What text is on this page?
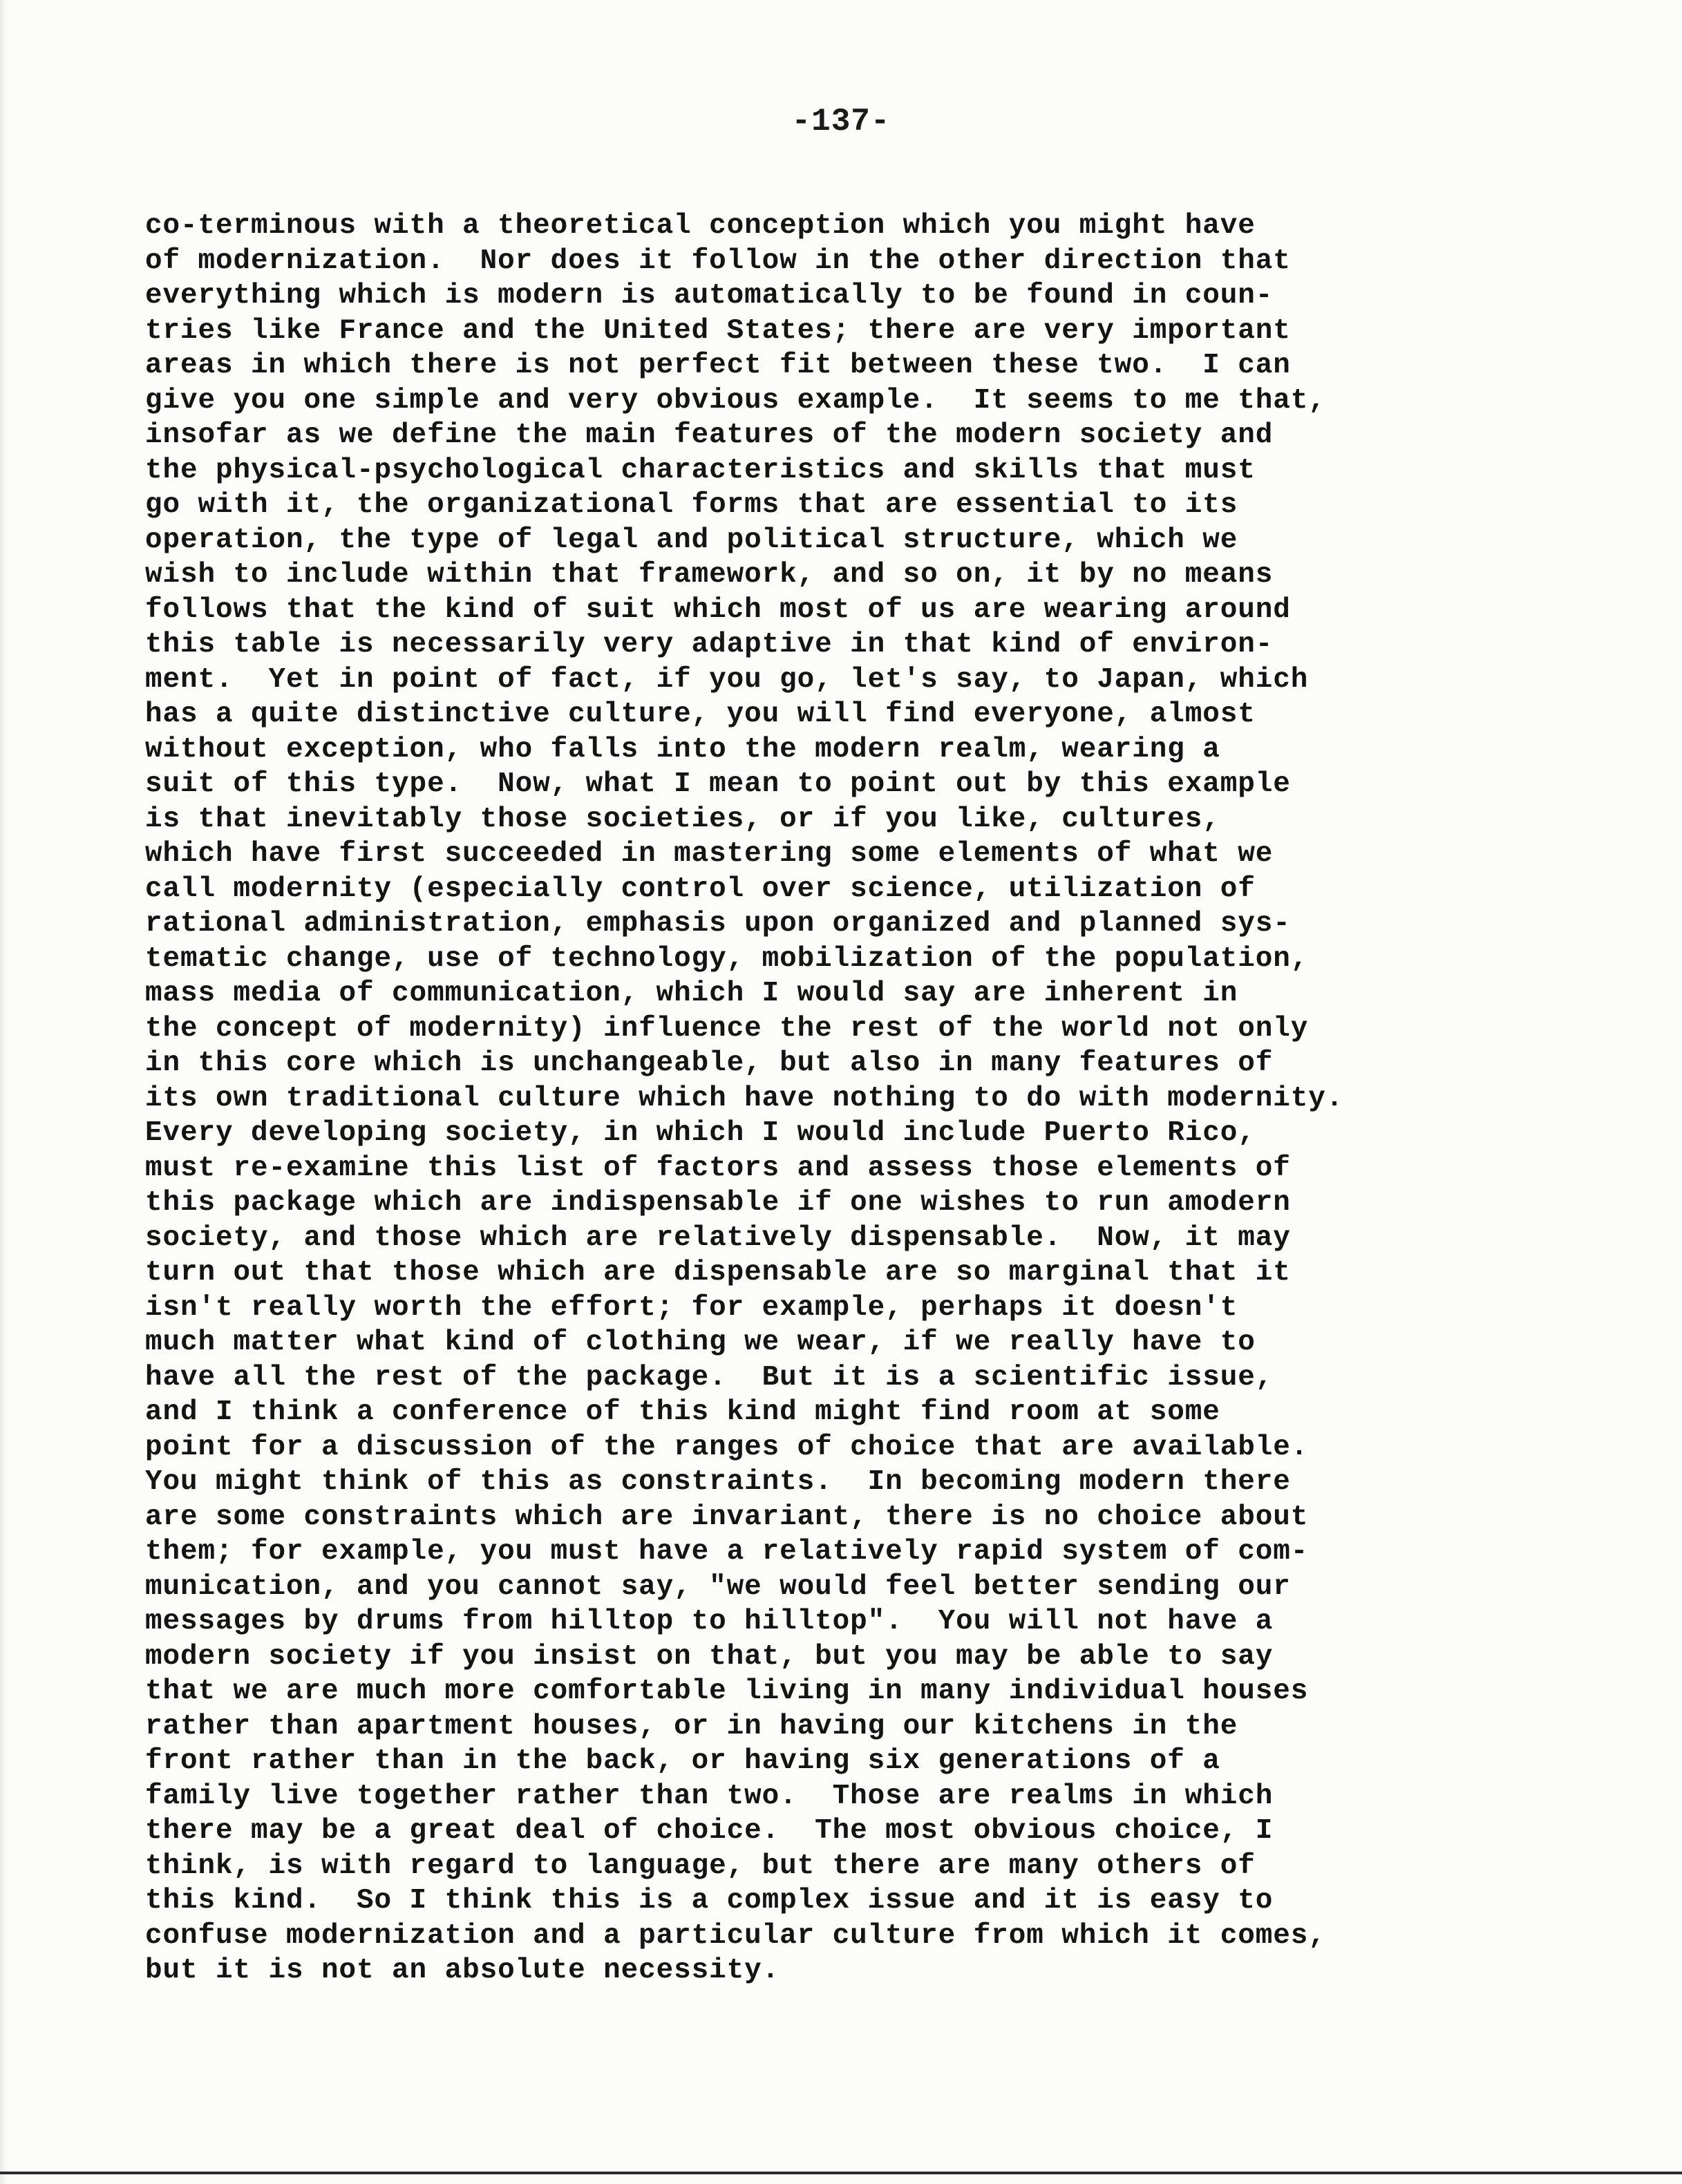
-137-
co-terminous with a theoretical conception which you might have
of modernization.  Nor does it follow in the other direction that
everything which is modern is automatically to be found in coun-
tries like France and the United States; there are very important
areas in which there is not perfect fit between these two.  I can
give you one simple and very obvious example.  It seems to me that,
insofar as we define the main features of the modern society and
the physical-psychological characteristics and skills that must
go with it, the organizational forms that are essential to its
operation, the type of legal and political structure, which we
wish to include within that framework, and so on, it by no means
follows that the kind of suit which most of us are wearing around
this table is necessarily very adaptive in that kind of environ-
ment.  Yet in point of fact, if you go, let's say, to Japan, which
has a quite distinctive culture, you will find everyone, almost
without exception, who falls into the modern realm, wearing a
suit of this type.  Now, what I mean to point out by this example
is that inevitably those societies, or if you like, cultures,
which have first succeeded in mastering some elements of what we
call modernity (especially control over science, utilization of
rational administration, emphasis upon organized and planned sys-
tematic change, use of technology, mobilization of the population,
mass media of communication, which I would say are inherent in
the concept of modernity) influence the rest of the world not only
in this core which is unchangeable, but also in many features of
its own traditional culture which have nothing to do with modernity.
Every developing society, in which I would include Puerto Rico,
must re-examine this list of factors and assess those elements of
this package which are indispensable if one wishes to run amodern
society, and those which are relatively dispensable.  Now, it may
turn out that those which are dispensable are so marginal that it
isn't really worth the effort; for example, perhaps it doesn't
much matter what kind of clothing we wear, if we really have to
have all the rest of the package.  But it is a scientific issue,
and I think a conference of this kind might find room at some
point for a discussion of the ranges of choice that are available.
You might think of this as constraints.  In becoming modern there
are some constraints which are invariant, there is no choice about
them; for example, you must have a relatively rapid system of com-
munication, and you cannot say, "we would feel better sending our
messages by drums from hilltop to hilltop".  You will not have a
modern society if you insist on that, but you may be able to say
that we are much more comfortable living in many individual houses
rather than apartment houses, or in having our kitchens in the
front rather than in the back, or having six generations of a
family live together rather than two.  Those are realms in which
there may be a great deal of choice.  The most obvious choice, I
think, is with regard to language, but there are many others of
this kind.  So I think this is a complex issue and it is easy to
confuse modernization and a particular culture from which it comes,
but it is not an absolute necessity.
